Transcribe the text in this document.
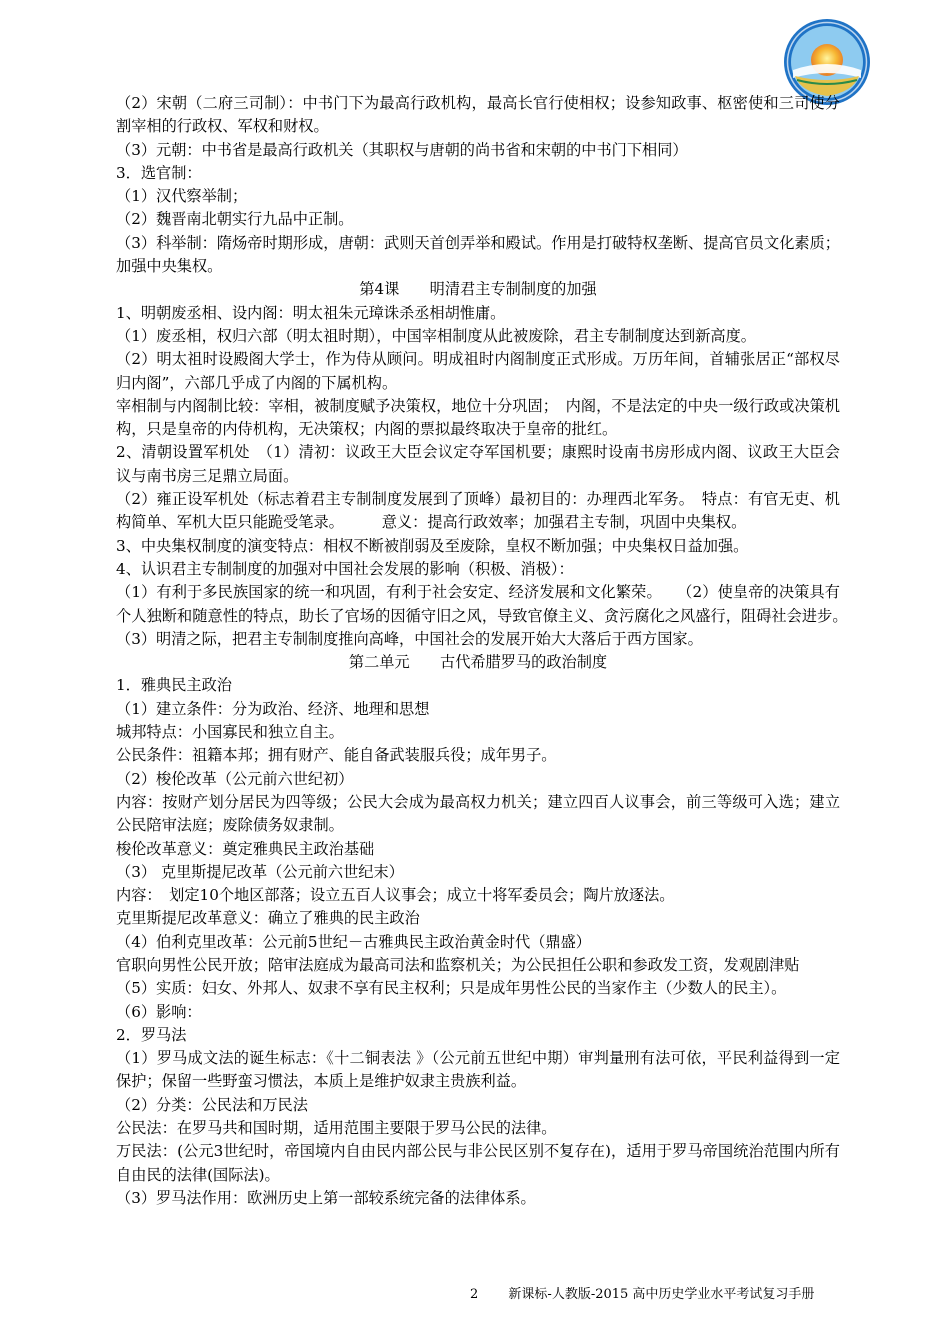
（2）宋朝（二府三司制）：中书门下为最高行政机构，最高长官行使相权；设参知政事、枢密使和三司使分割宰相的行政权、军权和财权。

（3）元朝：中书省是最高行政机关（其职权与唐朝的尚书省和宋朝的中书门下相同）

3．选官制：

（1）汉代察举制；

（2）魏晋南北朝实行九品中正制。

（3）科举制：隋炀帝时期形成，唐朝：武则天首创弄举和殿试。作用是打破特权垄断、提高官员文化素质；加强中央集权。

第4课　　明清君主专制制度的加强

1、明朝废丞相、设内阁：明太祖朱元璋诛杀丞相胡惟庸。

（1）废丞相，权归六部（明太祖时期），中国宰相制度从此被废除，君主专制制度达到新高度。

（2）明太祖时设殿阁大学士，作为侍从顾问。明成祖时内阁制度正式形成。万历年间，首辅张居正“部权尽归内阁”，六部几乎成了内阁的下属机构。

宰相制与内阁制比较：宰相，被制度赋予决策权，地位十分巩固；　内阁，不是法定的中央一级行政或决策机构，只是皇帝的内侍机构，无决策权；内阁的票拟最终取决于皇帝的批红。

2、清朝设置军机处　（1）清初：议政王大臣会议定夺军国机要；康熙时设南书房形成内阁、议政王大臣会议与南书房三足鼎立局面。

（2）雍正设军机处（标志着君主专制制度发展到了顶峰）最初目的：办理西北军务。　特点：有官无吏、机构简单、军机大臣只能跪受笔录。　　　意义：提高行政效率；加强君主专制，巩固中央集权。

3、中央集权制度的演变特点：相权不断被削弱及至废除，皇权不断加强；中央集权日益加强。

4、认识君主专制制度的加强对中国社会发展的影响（积极、消极）：

（1）有利于多民族国家的统一和巩固，有利于社会安定、经济发展和文化繁荣。　　（2）使皇帝的决策具有个人独断和随意性的特点，助长了官场的因循守旧之风，导致官僚主义、贪污腐化之风盛行，阻碍社会进步。　（3）明清之际，把君主专制制度推向高峰，中国社会的发展开始大大落后于西方国家。

第二单元　　古代希腊罗马的政治制度

1．雅典民主政治

（1）建立条件：分为政治、经济、地理和思想

城邦特点：小国寡民和独立自主。

公民条件：祖籍本邦；拥有财产、能自备武装服兵役；成年男子。

（2）梭伦改革（公元前六世纪初）

内容：按财产划分居民为四等级；公民大会成为最高权力机关；建立四百人议事会，前三等级可入选；建立公民陪审法庭；废除债务奴隶制。

梭伦改革意义：奠定雅典民主政治基础

（3） 克里斯提尼改革（公元前六世纪末）

内容：　划定10个地区部落；设立五百人议事会；成立十将军委员会；陶片放逐法。

克里斯提尼改革意义：确立了雅典的民主政治

（4）伯利克里改革：公元前5世纪－古雅典民主政治黄金时代（鼎盛）

官职向男性公民开放；陪审法庭成为最高司法和监察机关；为公民担任公职和参政发工资，发观剧津贴

（5）实质：妇女、外邦人、奴隶不享有民主权利；只是成年男性公民的当家作主（少数人的民主）。

（6）影响：

2．罗马法

（1）罗马成文法的诞生标志：《十二铜表法 》（公元前五世纪中期）审判量刑有法可依，平民利益得到一定保护；保留一些野蛮习惯法，本质上是维护奴隶主贵族利益。

（2）分类：公民法和万民法

公民法：在罗马共和国时期，适用范围主要限于罗马公民的法律。

万民法：(公元3世纪时，帝国境内自由民内部公民与非公民区别不复存在)，适用于罗马帝国统治范围内所有自由民的法律(国际法)。

（3）罗马法作用：欧洲历史上第一部较系统完备的法律体系。

2 新课标-人教版-2015 高中历史学业水平考试复习手册
